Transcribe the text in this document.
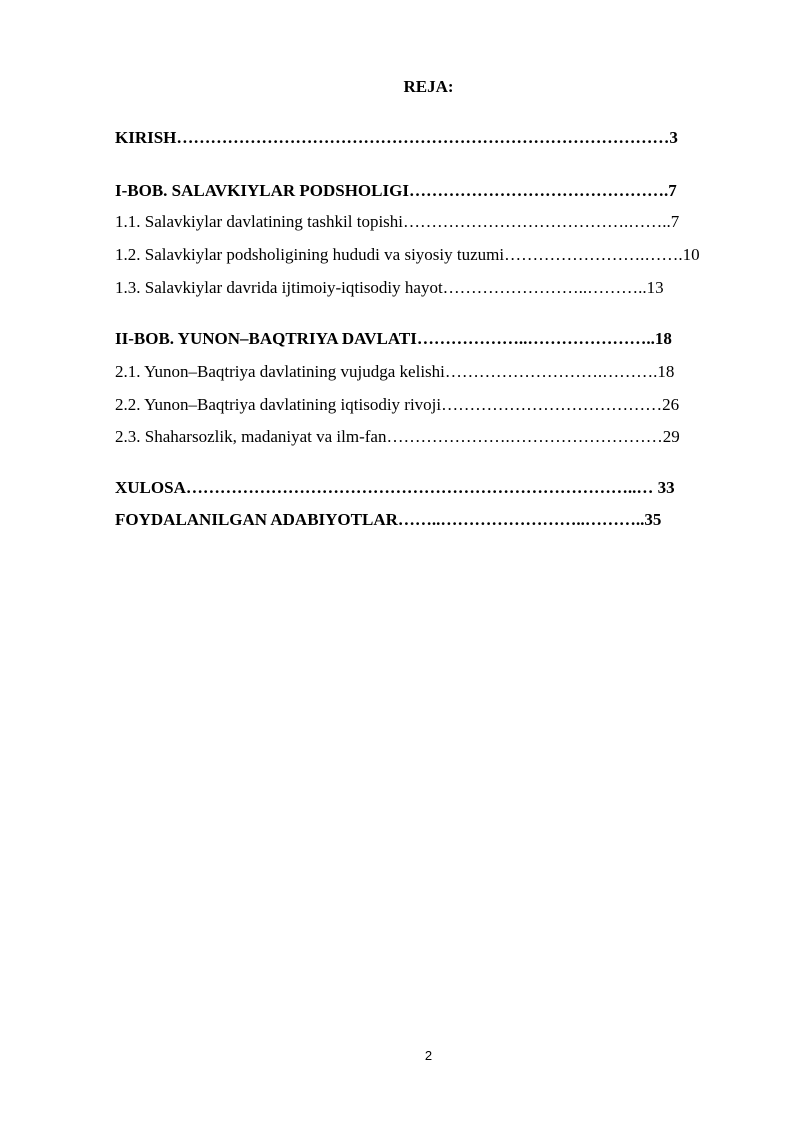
REJA:
KIRISH……………………………………………………………………………3
I-BOB. SALAVKIYLAR PODSHOLIGI……………………………………….7
1.1. Salavkiylar davlatining tashkil topishi………………………………….……..7
1.2. Salavkiylar podsholigining hududi va siyosiy tuzumi…………………….…….10
1.3. Salavkiylar davrida ijtimoiy-iqtisodiy hayot……………………..………..13
II-BOB. YUNON–BAQTRIYA DAVLATI………………..…………………..18
2.1. Yunon–Baqtriya davlatining vujudga kelishi……………………….……….18
2.2. Yunon–Baqtriya davlatining iqtisodiy rivoji…………………………………26
2.3. Shaharsozlik, madaniyat va ilm-fan………………….………………………29
XULOSA……………………………………………………………………..… 33
FOYDALANILGAN ADABIYOTLAR……..……………………..………..35
2
